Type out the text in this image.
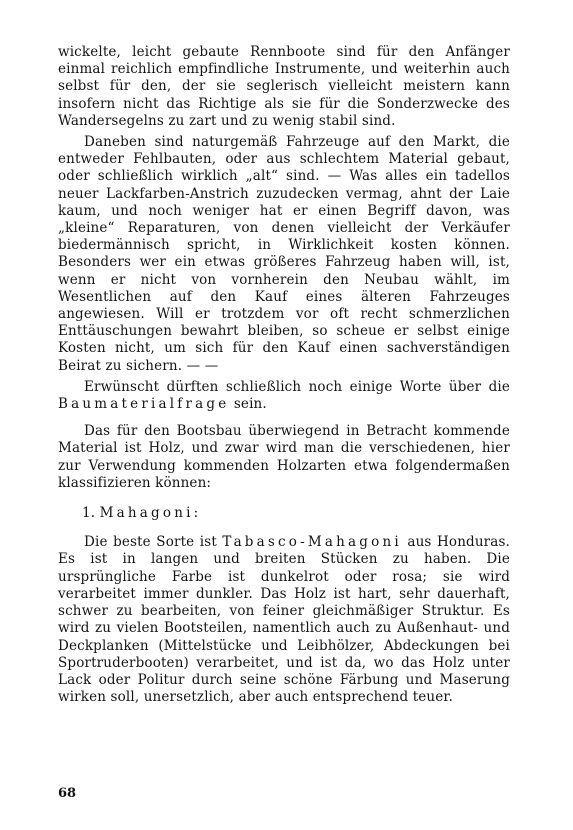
wickelte, leicht gebaute Rennboote sind für den Anfänger einmal reichlich empfindliche Instrumente, und weiterhin auch selbst für den, der sie seglerisch vielleicht meistern kann insofern nicht das Richtige als sie für die Sonderzwecke des Wandersegelns zu zart und zu wenig stabil sind.

Daneben sind naturgemäß Fahrzeuge auf den Markt, die entweder Fehlbauten, oder aus schlechtem Material gebaut, oder schließlich wirklich „alt“ sind. — Was alles ein tadellos neuer Lackfarben-Anstrich zuzudecken vermag, ahnt der Laie kaum, und noch weniger hat er einen Begriff davon, was „kleine“ Reparaturen, von denen vielleicht der Verkäufer biedermännisch spricht, in Wirklichkeit kosten können. Besonders wer ein etwas größeres Fahrzeug haben will, ist, wenn er nicht von vornherein den Neubau wählt, im Wesentlichen auf den Kauf eines älteren Fahrzeuges angewiesen. Will er trotzdem vor oft recht schmerzlichen Enttäuschungen bewahrt bleiben, so scheue er selbst einige Kosten nicht, um sich für den Kauf einen sachverständigen Beirat zu sichern. — —

Erwünscht dürften schließlich noch einige Worte über die Baumaterialfrage sein.

Das für den Bootsbau überwiegend in Betracht kommende Material ist Holz, und zwar wird man die verschiedenen, hier zur Verwendung kommenden Holzarten etwa folgendermaßen klassifizieren können:

1. Mahagoni:

Die beste Sorte ist Tabasco-Mahagoni aus Honduras. Es ist in langen und breiten Stücken zu haben. Die ursprüngliche Farbe ist dunkelrot oder rosa; sie wird verarbeitet immer dunkler. Das Holz ist hart, sehr dauerhaft, schwer zu bearbeiten, von feiner gleichmäßiger Struktur. Es wird zu vielen Bootsteilen, namentlich auch zu Außenhaut- und Deckplanken (Mittelstücke und Leibhölzer, Abdeckungen bei Sportruderbooten) verarbeitet, und ist da, wo das Holz unter Lack oder Politur durch seine schöne Färbung und Maserung wirken soll, unersetzlich, aber auch entsprechend teuer.

68
